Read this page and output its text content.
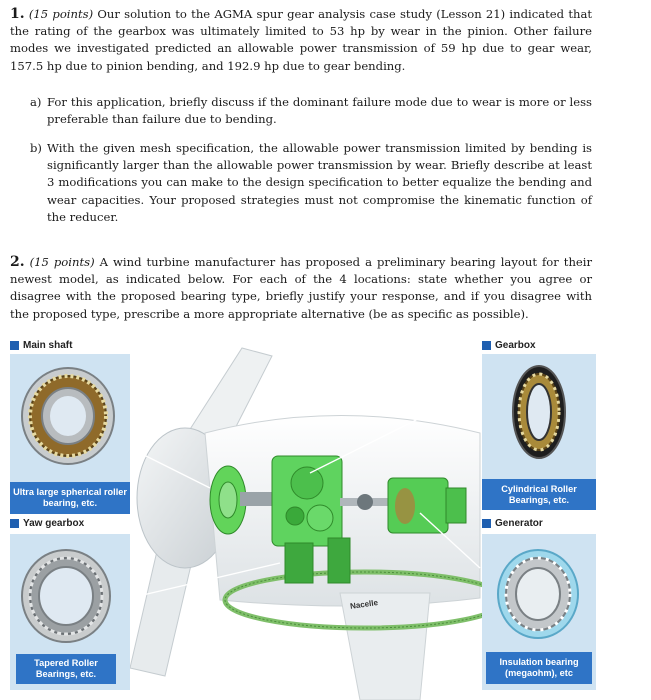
1. (15 points) Our solution to the AGMA spur gear analysis case study (Lesson 21) indicated that the rating of the gearbox was ultimately limited to 53 hp by wear in the pinion. Other failure modes we investigated predicted an allowable power transmission of 59 hp due to gear wear, 157.5 hp due to pinion bending, and 192.9 hp due to gear bending.
a) For this application, briefly discuss if the dominant failure mode due to wear is more or less preferable than failure due to bending.
b) With the given mesh specification, the allowable power transmission limited by bending is significantly larger than the allowable power transmission by wear. Briefly describe at least 3 modifications you can make to the design specification to better equalize the bending and wear capacities. Your proposed strategies must not compromise the kinematic function of the reducer.
2. (15 points) A wind turbine manufacturer has proposed a preliminary bearing layout for their newest model, as indicated below. For each of the 4 locations: state whether you agree or disagree with the proposed bearing type, briefly justify your response, and if you disagree with the proposed type, prescribe a more appropriate alternative (be as specific as possible).
Main shaft
Ultra large spherical roller bearing, etc.
Gearbox
Cylindrical Roller Bearings, etc.
Yaw gearbox
Tapered Roller Bearings, etc.
Generator
Insulation bearing (megaohm), etc
Nacelle
